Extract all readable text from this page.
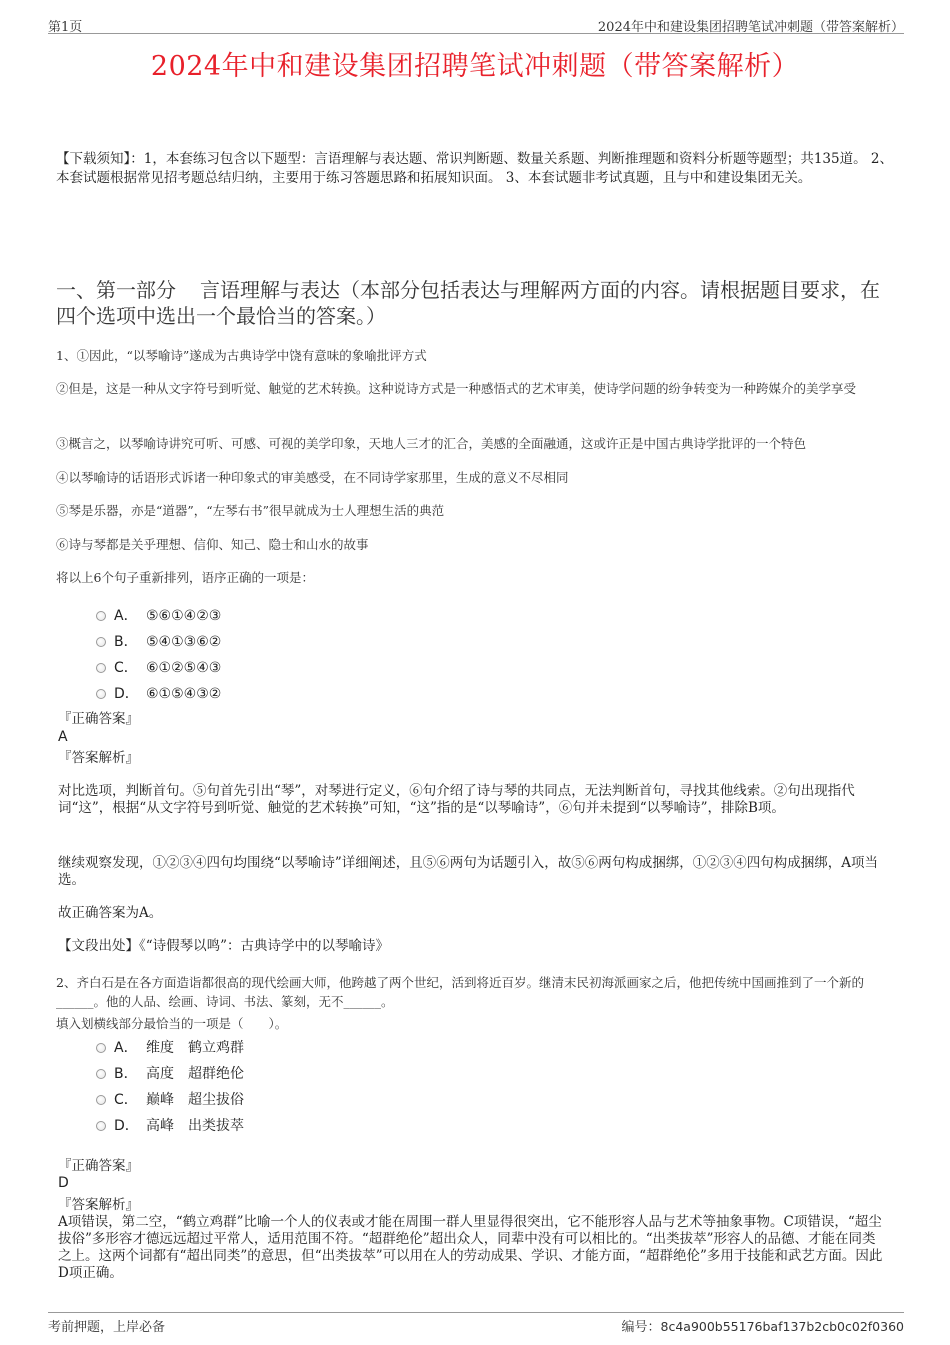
第1页	2024年中和建设集团招聘笔试冲刺题（带答案解析）
2024年中和建设集团招聘笔试冲刺题（带答案解析）
【下载须知】：1，本套练习包含以下题型：言语理解与表达题、常识判断题、数量关系题、判断推理题和资料分析题等题型；共135道。 2、本套试题根据常见招考题总结归纳，主要用于练习答题思路和拓展知识面。 3、本套试题非考试真题，且与中和建设集团无关。
一、第一部分 言语理解与表达（本部分包括表达与理解两方面的内容。请根据题目要求，在四个选项中选出一个最恰当的答案。）
1、①因此，“以琴喻诗”遂成为古典诗学中饶有意味的象喻批评方式
②但是，这是一种从文字符号到听觉、触觉的艺术转换。这种说诗方式是一种感悟式的艺术审美，使诗学问题的纷争转变为一种跨媒介的美学享受
③概言之，以琴喻诗讲究可听、可感、可视的美学印象，天地人三才的汇合，美感的全面融通，这或许正是中国古典诗学批评的一个特色
④以琴喻诗的话语形式诉诸一种印象式的审美感受，在不同诗学家那里，生成的意义不尽相同
⑤琴是乐器，亦是“道器”，“左琴右书”很早就成为士人理想生活的典范
⑥诗与琴都是关乎理想、信仰、知己、隐士和山水的故事
将以上6个句子重新排列，语序正确的一项是：
A． ⑤⑥①④②③
B． ⑤④①③⑥②
C． ⑥①②⑤④③
D． ⑥①⑤④③②
『正确答案』
A
『答案解析』
对比选项，判断首句。⑤句首先引出“琴”，对琴进行定义，⑥句介绍了诗与琴的共同点，无法判断首句，寻找其他线索。②句出现指代词“这”，根据“从文字符号到听觉、触觉的艺术转换”可知，“这”指的是“以琴喻诗”，⑥句并未提到“以琴喻诗”，排除B项。
继续观察发现，①②③④四句均围绕“以琴喻诗”详细阐述，且⑤⑥两句为话题引入，故⑤⑥两句构成捆绑，①②③④四句构成捆绑，A项当选。
故正确答案为A。
【文段出处】《“诗假琴以鸣”：古典诗学中的以琴喻诗》
2、齐白石是在各方面造诣都很高的现代绘画大师，他跨越了两个世纪，活到将近百岁。继清末民初海派画家之后，他把传统中国画推到了一个新的______。他的人品、绘画、诗词、书法、篆刻，无不______。
填入划横线部分最恰当的一项是（　　）。
A． 维度 鹤立鸡群
B． 高度 超群绝伦
C． 巅峰 超尘拔俗
D． 高峰 出类拔萃
『正确答案』
D
『答案解析』
A项错误，第二空，“鹤立鸡群”比喻一个人的仪表或才能在周围一群人里显得很突出，它不能形容人品与艺术等抽象事物。C项错误，“超尘拔俗”多形容才德远远超过平常人，适用范围不符。“超群绝伦”超出众人，同辈中没有可以相比的。“出类拔萃”形容人的品德、才能在同类之上。这两个词都有“超出同类”的意思，但“出类拔萃”可以用在人的劳动成果、学识、才能方面，“超群绝伦”多用于技能和武艺方面。因此D项正确。
考前押题，上岸必备	编号：8c4a900b55176baf137b2cb0c02f0360
